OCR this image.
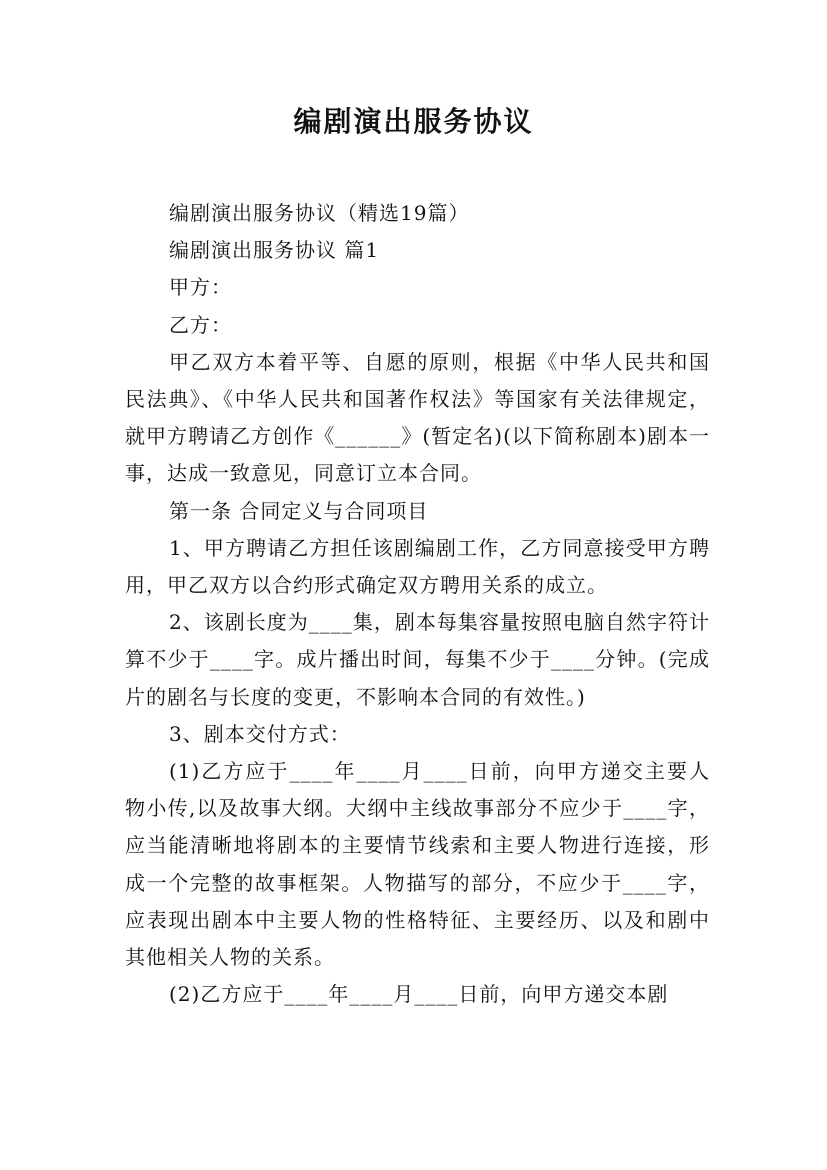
编剧演出服务协议

编剧演出服务协议（精选19篇）

编剧演出服务协议 篇1

甲方：

乙方：

甲乙双方本着平等、自愿的原则，根据《中华人民共和国民法典》、《中华人民共和国著作权法》等国家有关法律规定，就甲方聘请乙方创作《______》(暂定名)(以下简称剧本)剧本一事，达成一致意见，同意订立本合同。

第一条 合同定义与合同项目

1、甲方聘请乙方担任该剧编剧工作，乙方同意接受甲方聘用，甲乙双方以合约形式确定双方聘用关系的成立。

2、该剧长度为____集，剧本每集容量按照电脑自然字符计算不少于____字。成片播出时间，每集不少于____分钟。(完成片的剧名与长度的变更，不影响本合同的有效性。)

3、剧本交付方式：

(1)乙方应于____年____月____日前，向甲方递交主要人物小传,以及故事大纲。大纲中主线故事部分不应少于____字，应当能清晰地将剧本的主要情节线索和主要人物进行连接，形成一个完整的故事框架。人物描写的部分，不应少于____字，应表现出剧本中主要人物的性格特征、主要经历、以及和剧中其他相关人物的关系。

(2)乙方应于____年____月____日前，向甲方递交本剧
